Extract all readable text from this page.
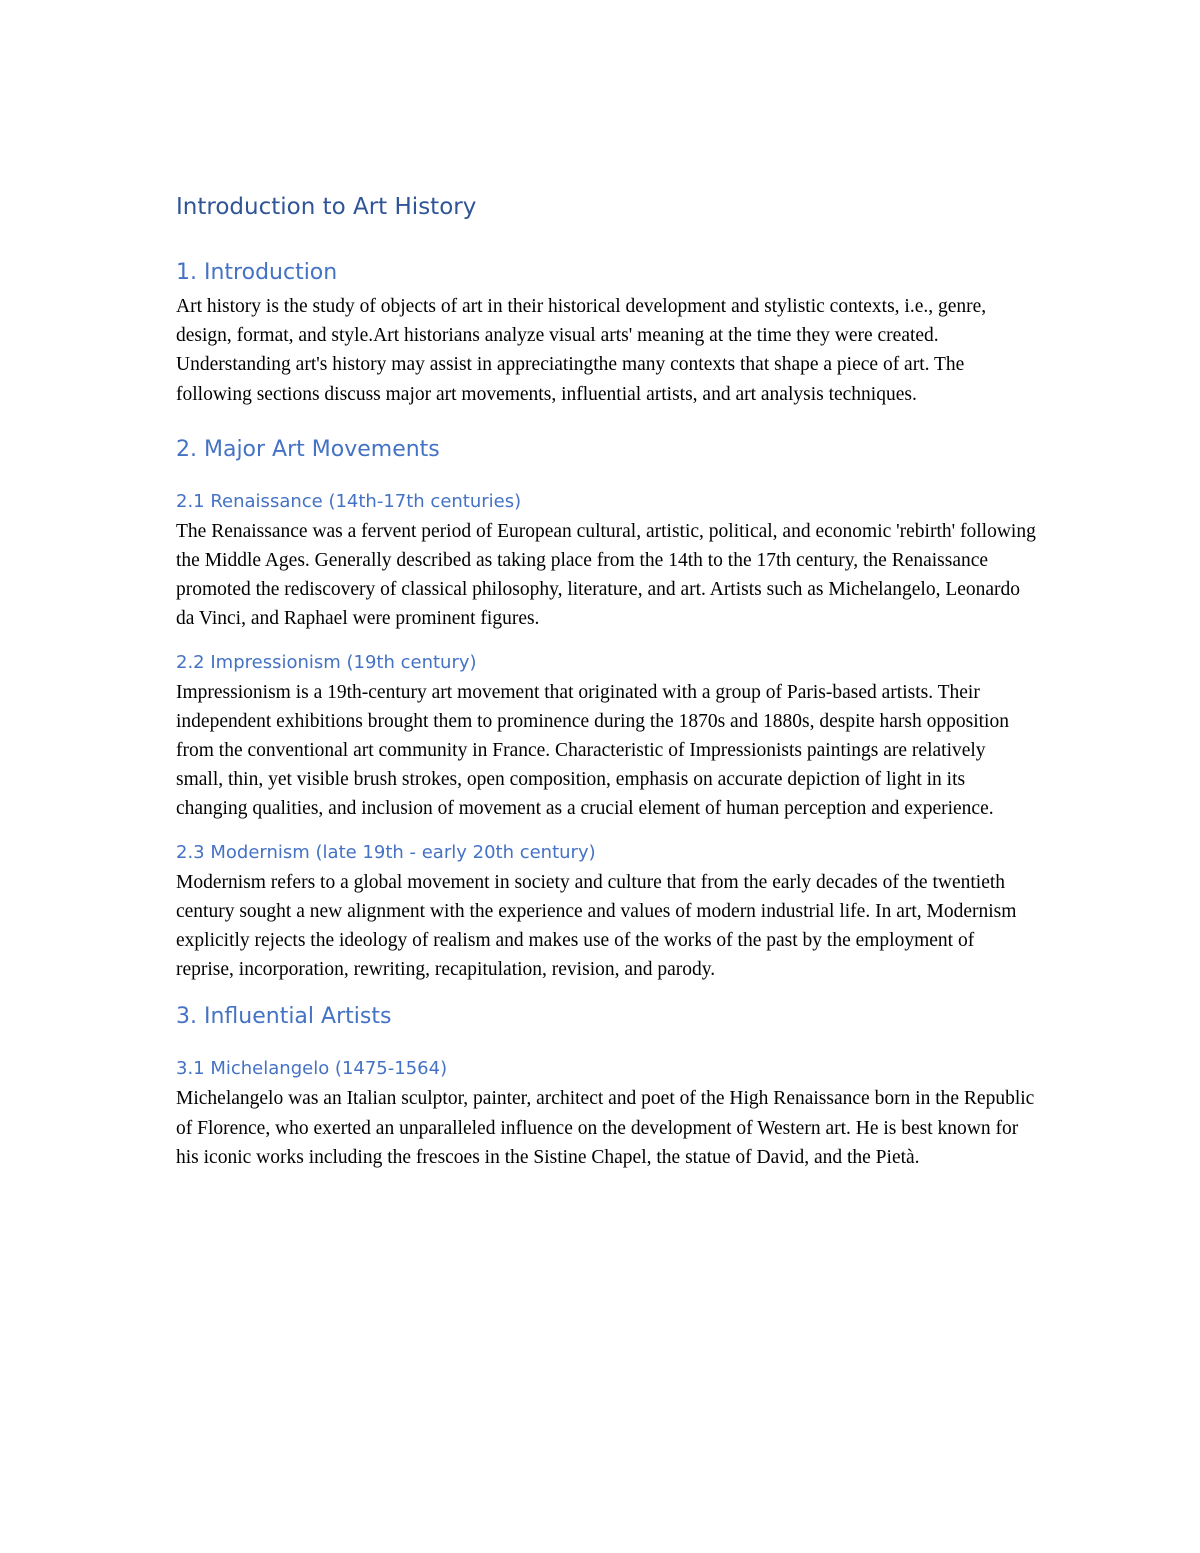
Introduction to Art History
1. Introduction

Art history is the study of objects of art in their historical development and stylistic contexts, i.e., genre, design, format, and style.Art historians analyze visual arts' meaning at the time they were created. Understanding art's history may assist in appreciatingthe many contexts that shape a piece of art. The following sections discuss major art movements, influential artists, and art analysis techniques.

2. Major Art Movements
2.1 Renaissance (14th-17th centuries)

The Renaissance was a fervent period of European cultural, artistic, political, and economic 'rebirth' following the Middle Ages. Generally described as taking place from the 14th to the 17th century, the Renaissance promoted the rediscovery of classical philosophy, literature, and art. Artists such as Michelangelo, Leonardo da Vinci, and Raphael were prominent figures.

2.2 Impressionism (19th century)

Impressionism is a 19th-century art movement that originated with a group of Paris-based artists. Their independent exhibitions brought them to prominence during the 1870s and 1880s, despite harsh opposition from the conventional art community in France. Characteristic of Impressionists paintings are relatively small, thin, yet visible brush strokes, open composition, emphasis on accurate depiction of light in its changing qualities, and inclusion of movement as a crucial element of human perception and experience.

2.3 Modernism (late 19th - early 20th century)

Modernism refers to a global movement in society and culture that from the early decades of the twentieth century sought a new alignment with the experience and values of modern industrial life. In art, Modernism explicitly rejects the ideology of realism and makes use of the works of the past by the employment of reprise, incorporation, rewriting, recapitulation, revision, and parody.

3. Influential Artists
3.1 Michelangelo (1475-1564)

Michelangelo was an Italian sculptor, painter, architect and poet of the High Renaissance born in the Republic of Florence, who exerted an unparalleled influence on the development of Western art. He is best known for his iconic works including the frescoes in the Sistine Chapel, the statue of David, and the Pietà.
